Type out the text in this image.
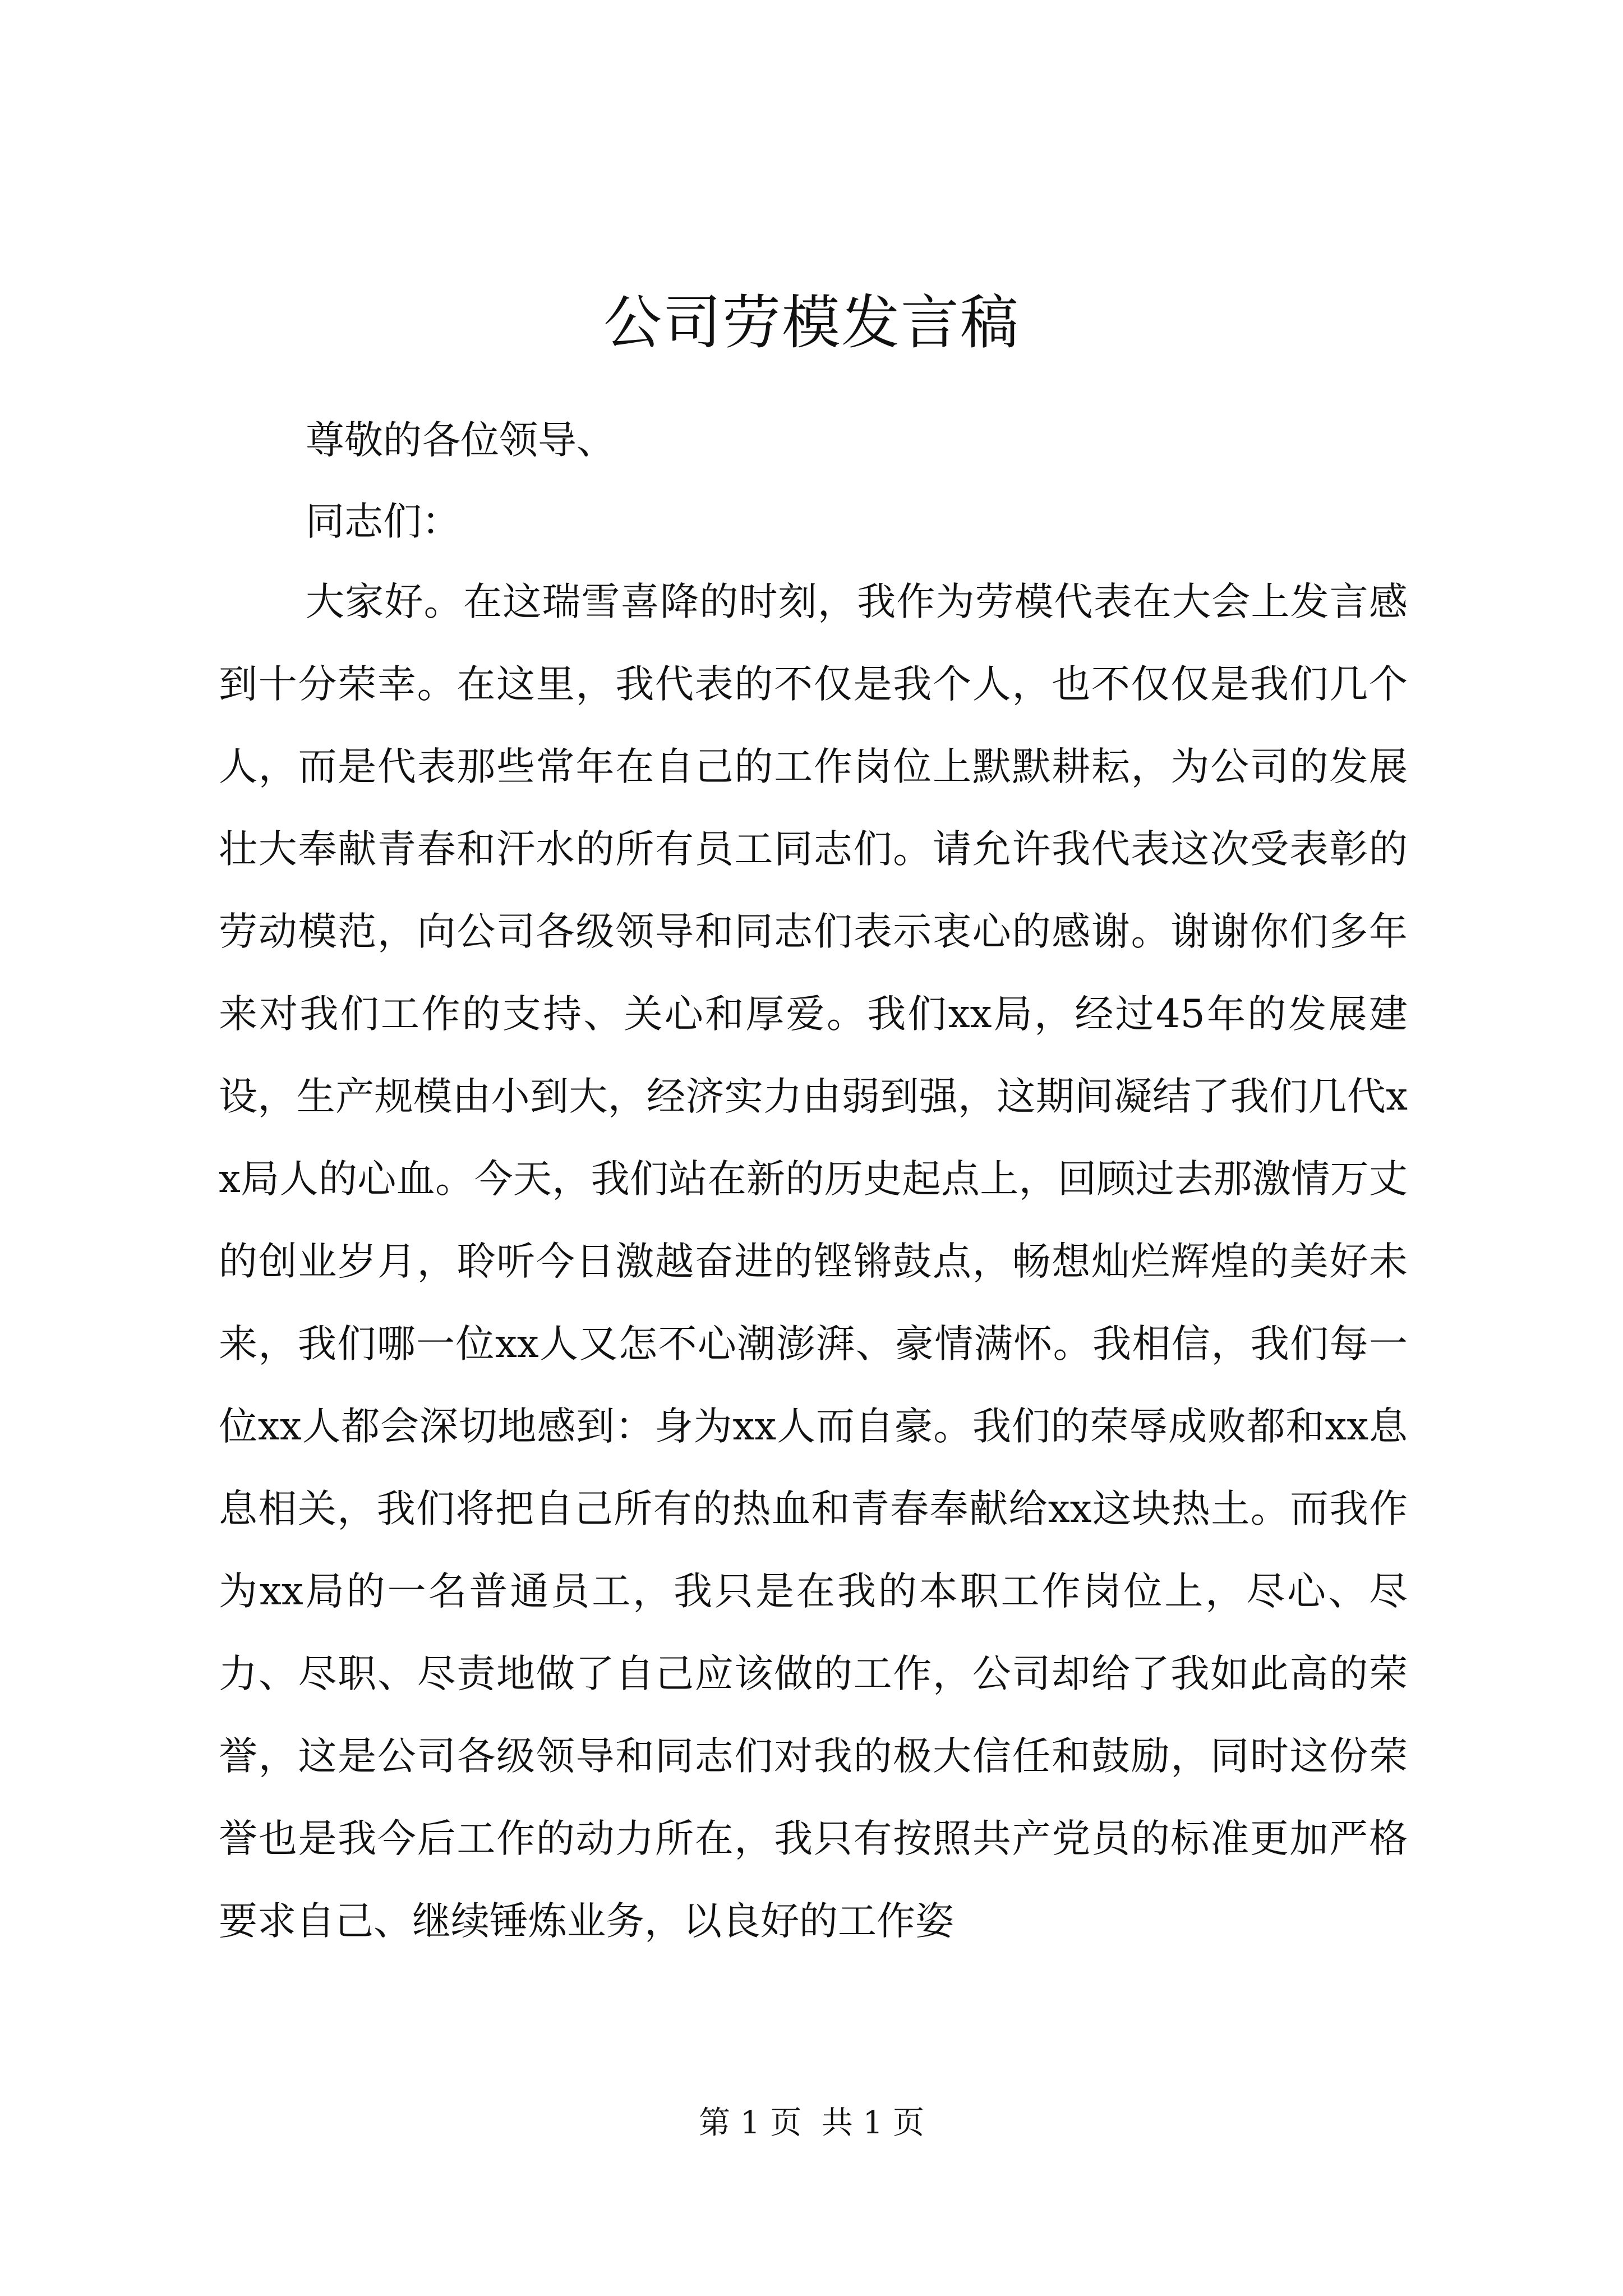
公司劳模发言稿

尊敬的各位领导、

同志们：

大家好。在这瑞雪喜降的时刻，我作为劳模代表在大会上发言感到十分荣幸。在这里，我代表的不仅是我个人，也不仅仅是我们几个人，而是代表那些常年在自己的工作岗位上默默耕耘，为公司的发展壮大奉献青春和汗水的所有员工同志们。请允许我代表这次受表彰的劳动模范，向公司各级领导和同志们表示衷心的感谢。谢谢你们多年来对我们工作的支持、关心和厚爱。我们xx局，经过45年的发展建设，生产规模由小到大，经济实力由弱到强，这期间凝结了我们几代xx局人的心血。今天，我们站在新的历史起点上，回顾过去那激情万丈的创业岁月，聆听今日激越奋进的铿锵鼓点，畅想灿烂辉煌的美好未来，我们哪一位xx人又怎不心潮澎湃、豪情满怀。我相信，我们每一位xx人都会深切地感到：身为xx人而自豪。我们的荣辱成败都和xx息息相关，我们将把自己所有的热血和青春奉献给xx这块热土。而我作为xx局的一名普通员工，我只是在我的本职工作岗位上，尽心、尽力、尽职、尽责地做了自己应该做的工作，公司却给了我如此高的荣誉，这是公司各级领导和同志们对我的极大信任和鼓励，同时这份荣誉也是我今后工作的动力所在，我只有按照共产党员的标准更加严格要求自己、继续锤炼业务，以良好的工作姿

第 1 页  共 1 页
